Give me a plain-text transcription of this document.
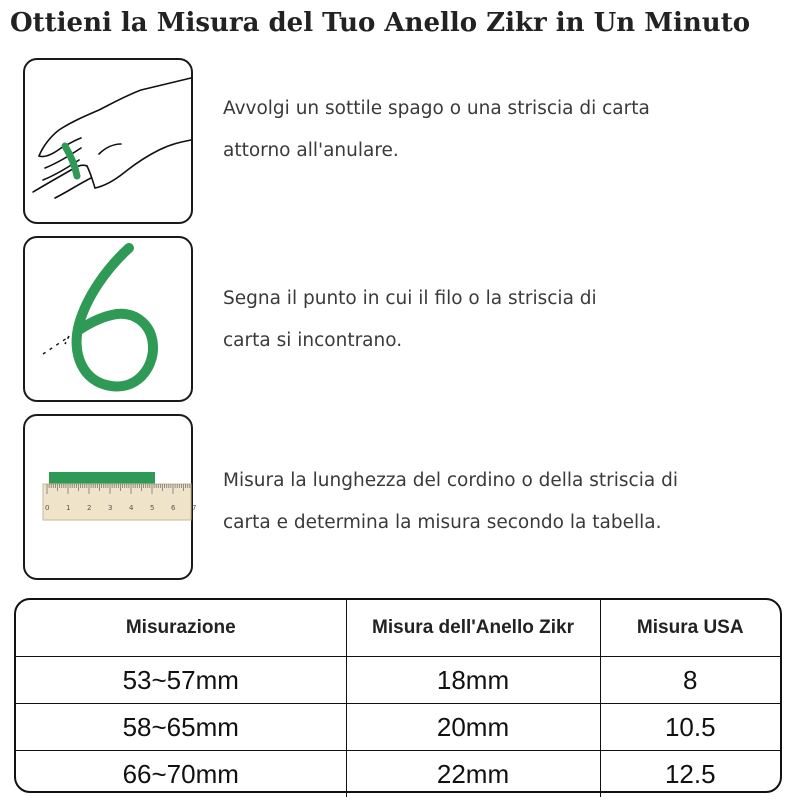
Ottieni la Misura del Tuo Anello Zikr in Un Minuto
Avvolgi un sottile spago o una striscia di carta
attorno all'anulare.
Segna il punto in cui il filo o la striscia di
carta si incontrano.
0 1 2 3 4 5 6 7
Misura la lunghezza del cordino o della striscia di
carta e determina la misura secondo la tabella.
Misurazione	Misura dell'Anello Zikr	Misura USA
53~57mm	18mm	8
58~65mm	20mm	10.5
66~70mm	22mm	12.5
